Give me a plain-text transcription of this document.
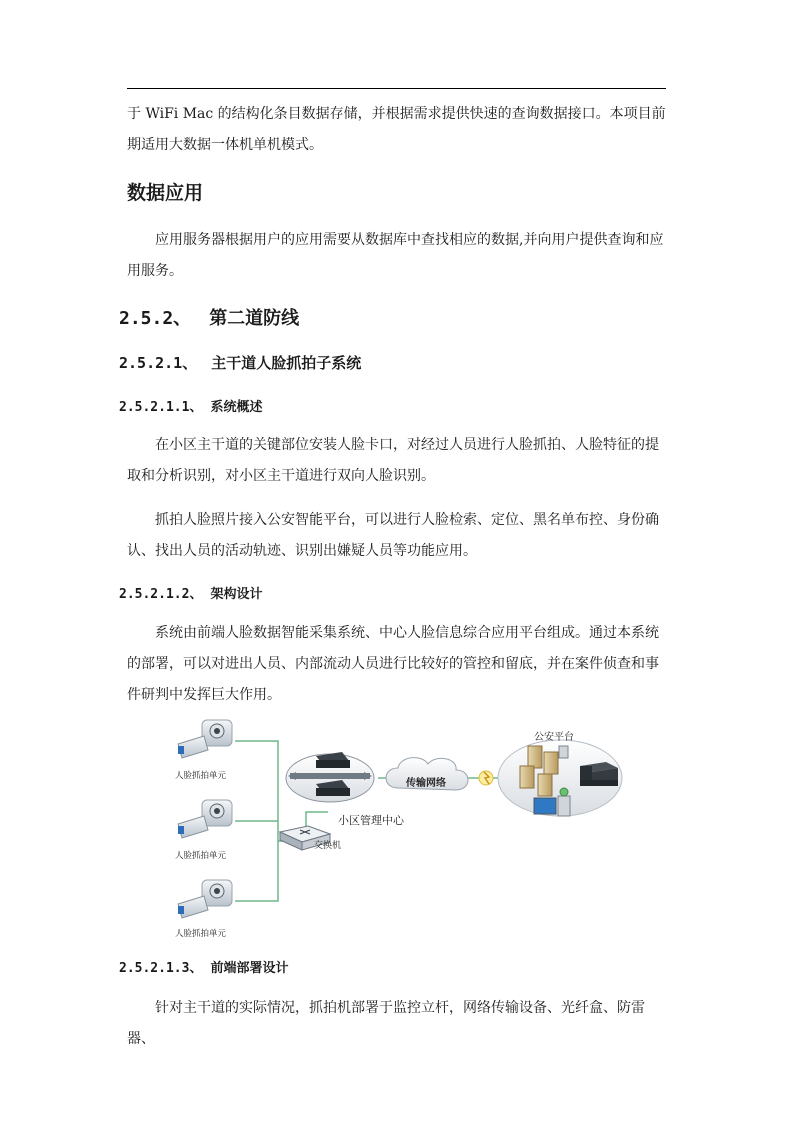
于 WiFi Mac 的结构化条目数据存储，并根据需求提供快速的查询数据接口。本项目前期适用大数据一体机单机模式。

数据应用

应用服务器根据用户的应用需要从数据库中查找相应的数据,并向用户提供查询和应用服务。

2.5.2、 第二道防线
2.5.2.1、 主干道人脸抓拍子系统
2.5.2.1.1、 系统概述

在小区主干道的关键部位安装人脸卡口，对经过人员进行人脸抓拍、人脸特征的提取和分析识别，对小区主干道进行双向人脸识别。

抓拍人脸照片接入公安智能平台，可以进行人脸检索、定位、黑名单布控、身份确认、找出人员的活动轨迹、识别出嫌疑人员等功能应用。

2.5.2.1.2、 架构设计

系统由前端人脸数据智能采集系统、中心人脸信息综合应用平台组成。通过本系统的部署，可以对进出人员、内部流动人员进行比较好的管控和留底，并在案件侦查和事件研判中发挥巨大作用。

人脸抓拍单元
人脸抓拍单元
人脸抓拍单元
小区管理中心
交换机
传输网络
公安平台
2.5.2.1.3、 前端部署设计

针对主干道的实际情况，抓拍机部署于监控立杆，网络传输设备、光纤盒、防雷器、
